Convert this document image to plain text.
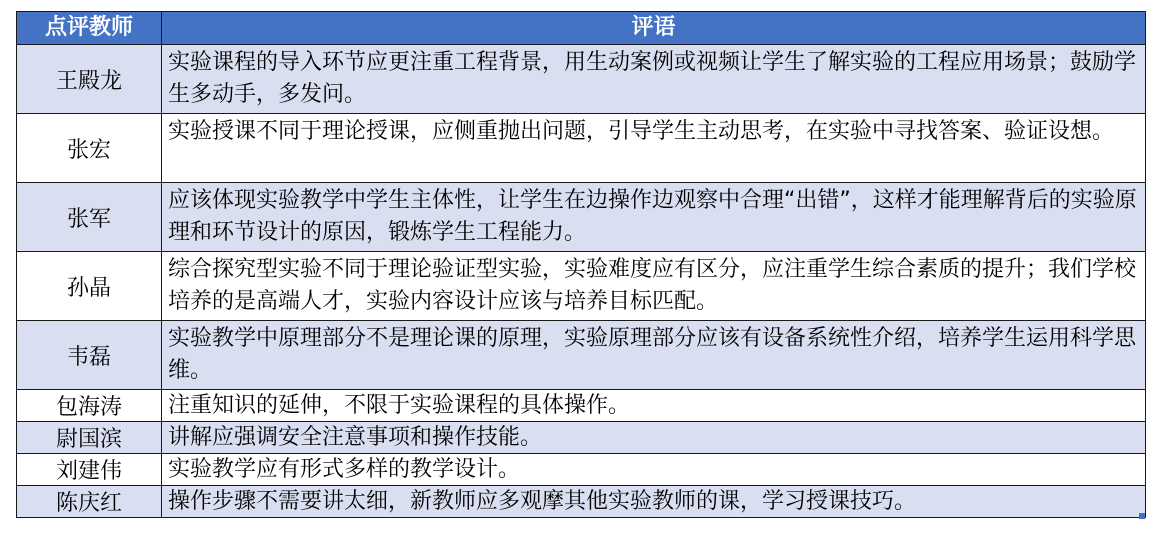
点评教师	评语
王殿龙	实验课程的导入环节应更注重工程背景，用生动案例或视频让学生了解实验的工程应用场景；鼓励学生多动手，多发问。
张宏	实验授课不同于理论授课，应侧重抛出问题，引导学生主动思考，在实验中寻找答案、验证设想。
张军	应该体现实验教学中学生主体性，让学生在边操作边观察中合理“出错”，这样才能理解背后的实验原理和环节设计的原因，锻炼学生工程能力。
孙晶	综合探究型实验不同于理论验证型实验，实验难度应有区分，应注重学生综合素质的提升；我们学校培养的是高端人才，实验内容设计应该与培养目标匹配。
韦磊	实验教学中原理部分不是理论课的原理，实验原理部分应该有设备系统性介绍，培养学生运用科学思维。
包海涛	注重知识的延伸，不限于实验课程的具体操作。
尉国滨	讲解应强调安全注意事项和操作技能。
刘建伟	实验教学应有形式多样的教学设计。
陈庆红	操作步骤不需要讲太细，新教师应多观摩其他实验教师的课，学习授课技巧。
